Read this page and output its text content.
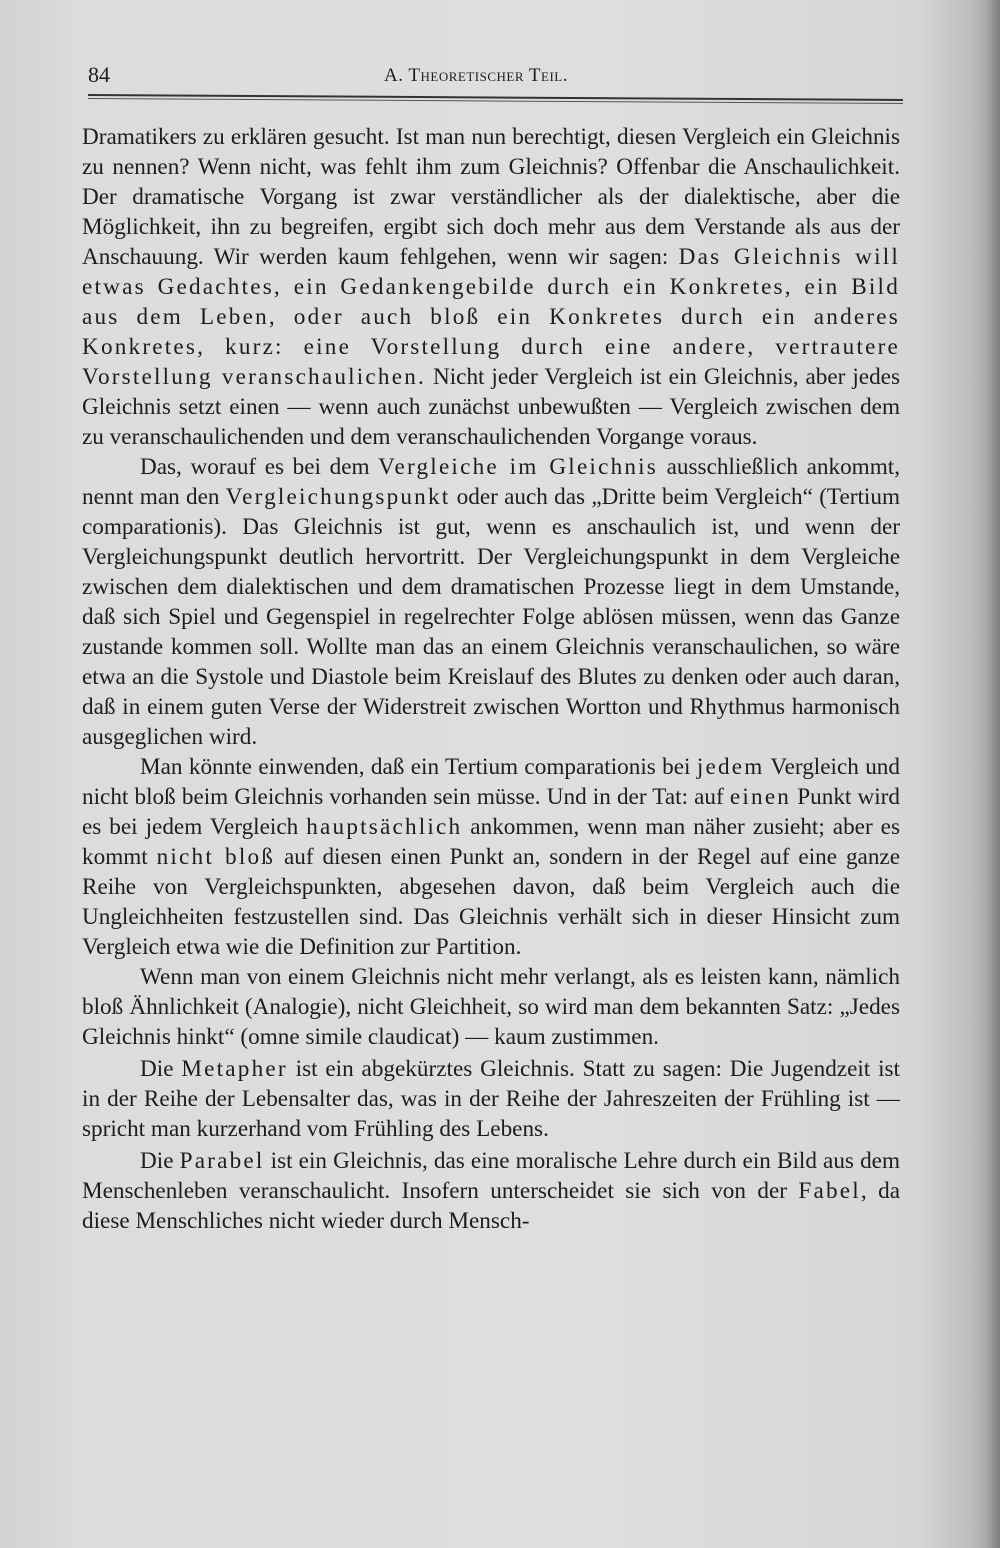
84	A. Theoretischer Teil.

Dramatikers zu erklären gesucht. Ist man nun berechtigt, diesen Vergleich ein Gleichnis zu nennen? Wenn nicht, was fehlt ihm zum Gleichnis? Offenbar die Anschaulichkeit. Der dramatische Vorgang ist zwar verständlicher als der dialektische, aber die Möglichkeit, ihn zu begreifen, ergibt sich doch mehr aus dem Verstande als aus der Anschauung. Wir werden kaum fehlgehen, wenn wir sagen: Das Gleichnis will etwas Gedachtes, ein Gedankengebilde durch ein Konkretes, ein Bild aus dem Leben, oder auch bloß ein Konkretes durch ein anderes Konkretes, kurz: eine Vorstellung durch eine andere, vertrautere Vorstellung veranschaulichen. Nicht jeder Vergleich ist ein Gleichnis, aber jedes Gleichnis setzt einen — wenn auch zunächst unbewußten — Vergleich zwischen dem zu veranschaulichenden und dem veranschaulichenden Vorgange voraus.

Das, worauf es bei dem Vergleiche im Gleichnis ausschließlich ankommt, nennt man den Vergleichungspunkt oder auch das „Dritte beim Vergleich“ (Tertium comparationis). Das Gleichnis ist gut, wenn es anschaulich ist, und wenn der Vergleichungspunkt deutlich hervortritt. Der Vergleichungspunkt in dem Vergleiche zwischen dem dialektischen und dem dramatischen Prozesse liegt in dem Umstande, daß sich Spiel und Gegenspiel in regelrechter Folge ablösen müssen, wenn das Ganze zustande kommen soll. Wollte man das an einem Gleichnis veranschaulichen, so wäre etwa an die Systole und Diastole beim Kreislauf des Blutes zu denken oder auch daran, daß in einem guten Verse der Widerstreit zwischen Wortton und Rhythmus harmonisch ausgeglichen wird.

Man könnte einwenden, daß ein Tertium comparationis bei jedem Vergleich und nicht bloß beim Gleichnis vorhanden sein müsse. Und in der Tat: auf einen Punkt wird es bei jedem Vergleich hauptsächlich ankommen, wenn man näher zusieht; aber es kommt nicht bloß auf diesen einen Punkt an, sondern in der Regel auf eine ganze Reihe von Vergleichspunkten, abgesehen davon, daß beim Vergleich auch die Ungleichheiten festzustellen sind. Das Gleichnis verhält sich in dieser Hinsicht zum Vergleich etwa wie die Definition zur Partition.

Wenn man von einem Gleichnis nicht mehr verlangt, als es leisten kann, nämlich bloß Ähnlichkeit (Analogie), nicht Gleichheit, so wird man dem bekannten Satz: „Jedes Gleichnis hinkt“ (omne simile claudicat) — kaum zustimmen.

Die Metapher ist ein abgekürztes Gleichnis. Statt zu sagen: Die Jugendzeit ist in der Reihe der Lebensalter das, was in der Reihe der Jahreszeiten der Frühling ist — spricht man kurzerhand vom Frühling des Lebens.

Die Parabel ist ein Gleichnis, das eine moralische Lehre durch ein Bild aus dem Menschenleben veranschaulicht. Insofern unterscheidet sie sich von der Fabel, da diese Menschliches nicht wieder durch Mensch-
